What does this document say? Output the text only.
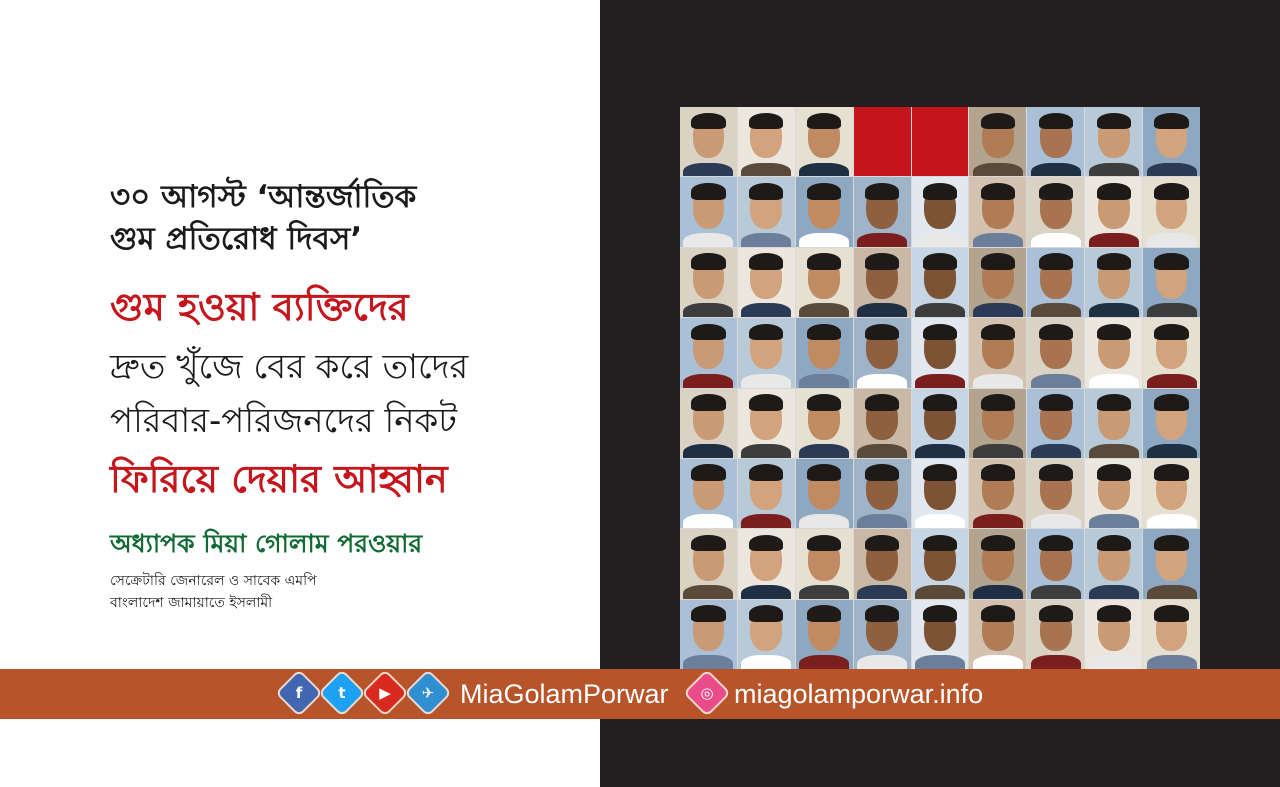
৩০ আগস্ট ‘আন্তর্জাতিক
গুম প্রতিরোধ দিবস’
গুম হওয়া ব্যক্তিদের
দ্রুত খুঁজে বের করে তাদের
পরিবার-পরিজনদের নিকট
ফিরিয়ে দেয়ার আহ্বান
অধ্যাপক মিয়া গোলাম পরওয়ার
সেক্রেটারি জেনারেল ও সাবেক এমপি
বাংলাদেশ জামায়াতে ইসলামী
f	t	▶	✈ MiaGolamPorwar	◎ miagolamporwar.info
